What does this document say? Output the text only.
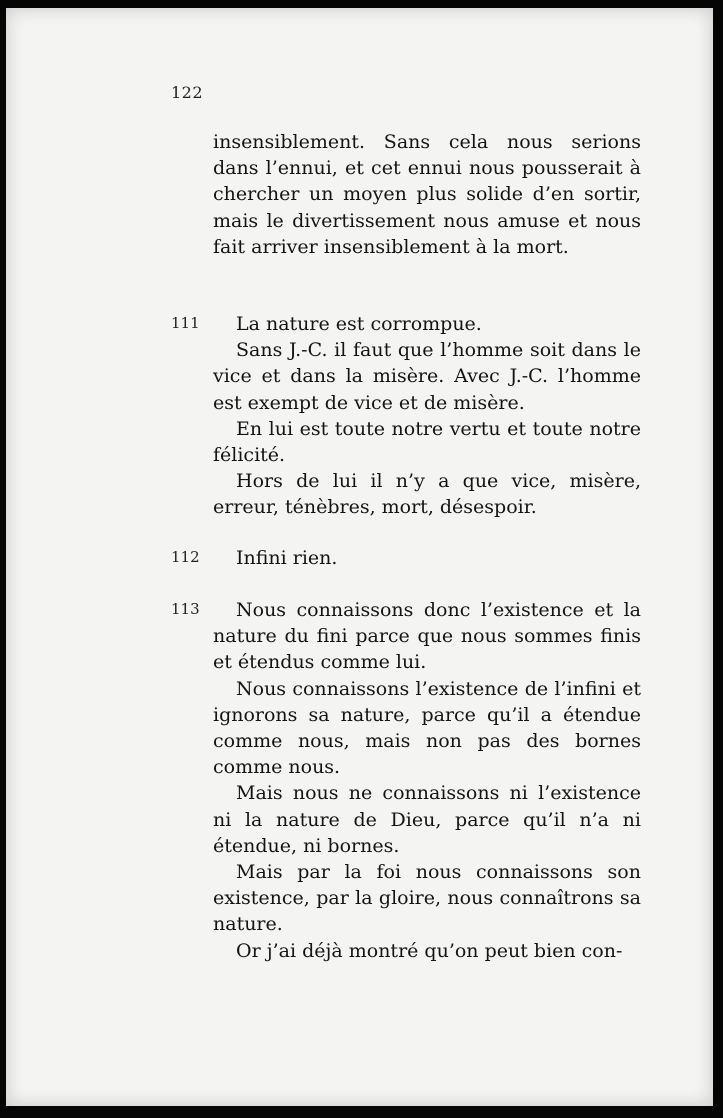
122

insensiblement. Sans cela nous serions dans l’ennui, et cet ennui nous pousserait à chercher un moyen plus solide d’en sortir, mais le divertissement nous amuse et nous fait arriver insensiblement à la mort.

111	La nature est corrompue.

Sans J.-C. il faut que l’homme soit dans le vice et dans la misère. Avec J.-C. l’homme est exempt de vice et de misère.

En lui est toute notre vertu et toute notre félicité.

Hors de lui il n’y a que vice, misère, erreur, ténèbres, mort, désespoir.

112	Infini rien.

113	Nous connaissons donc l’existence et la nature du fini parce que nous sommes finis et étendus comme lui.

Nous connaissons l’existence de l’infini et ignorons sa nature, parce qu’il a étendue comme nous, mais non pas des bornes comme nous.

Mais nous ne connaissons ni l’existence ni la nature de Dieu, parce qu’il n’a ni étendue, ni bornes.

Mais par la foi nous connaissons son existence, par la gloire, nous connaîtrons sa nature.

Or j’ai déjà montré qu’on peut bien con-
